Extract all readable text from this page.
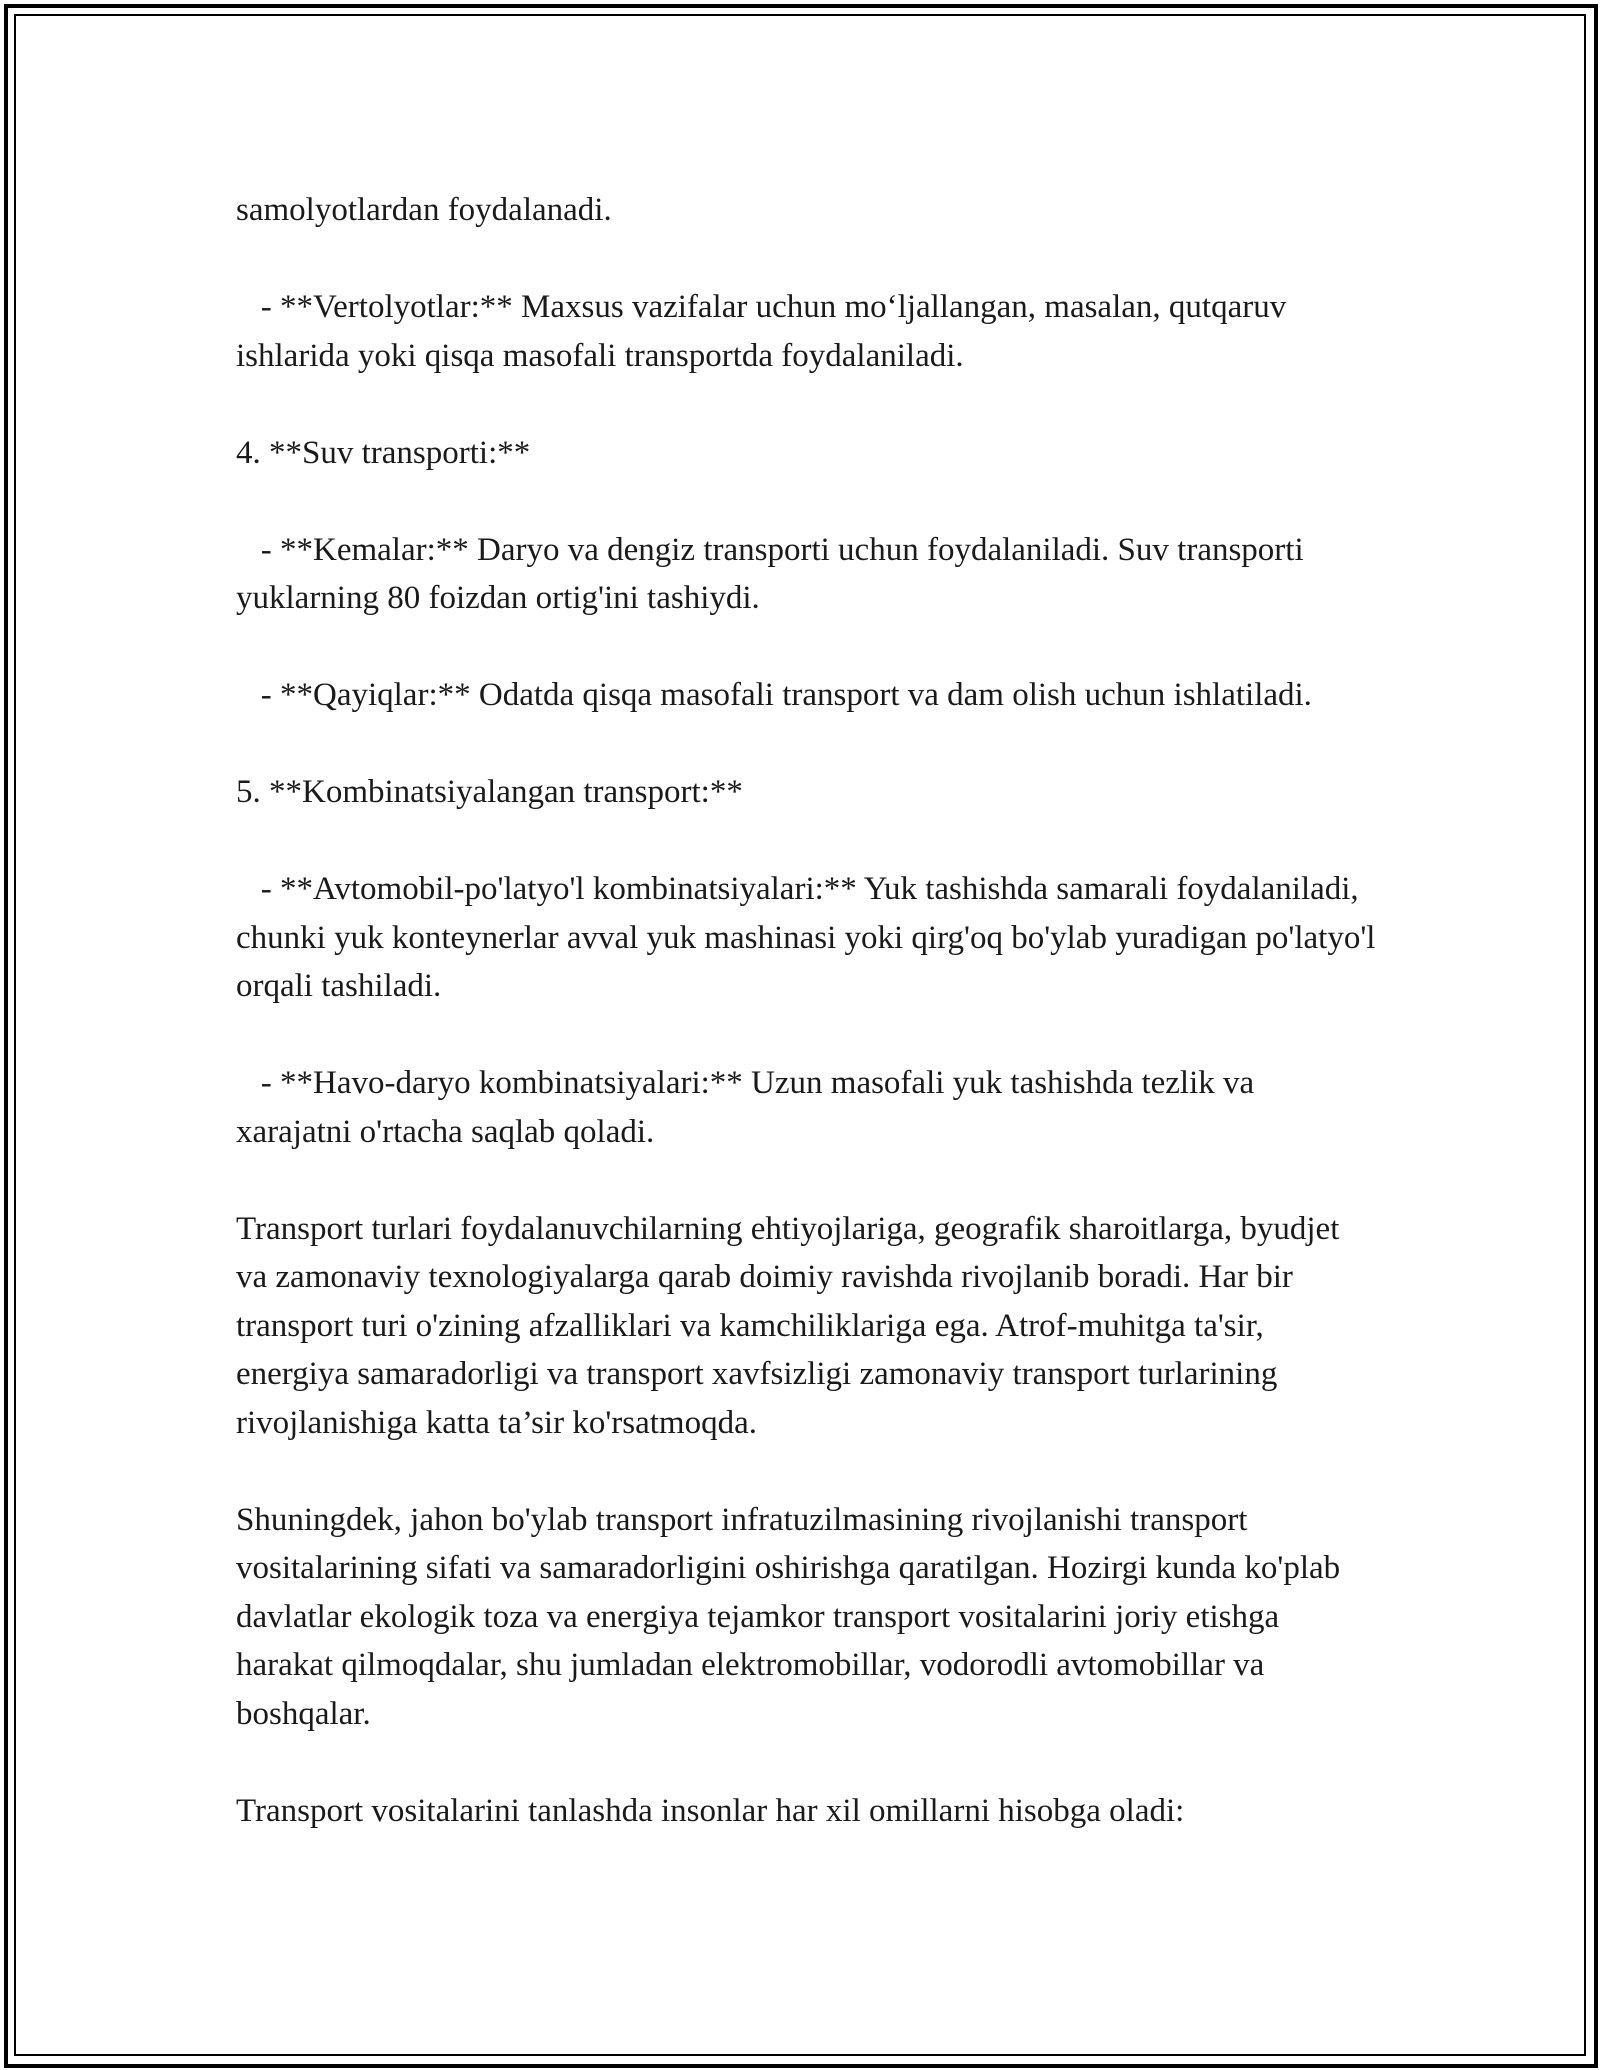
samolyotlardan foydalanadi.

- **Vertolyotlar:** Maxsus vazifalar uchun mo‘ljallangan, masalan, qutqaruv ishlarida yoki qisqa masofali transportda foydalaniladi.

4. **Suv transporti:**

- **Kemalar:** Daryo va dengiz transporti uchun foydalaniladi. Suv transporti yuklarning 80 foizdan ortig'ini tashiydi.

- **Qayiqlar:** Odatda qisqa masofali transport va dam olish uchun ishlatiladi.

5. **Kombinatsiyalangan transport:**

- **Avtomobil-po'latyo'l kombinatsiyalari:** Yuk tashishda samarali foydalaniladi, chunki yuk konteynerlar avval yuk mashinasi yoki qirg'oq bo'ylab yuradigan po'latyo'l orqali tashiladi.

- **Havo-daryo kombinatsiyalari:** Uzun masofali yuk tashishda tezlik va xarajatni o'rtacha saqlab qoladi.

Transport turlari foydalanuvchilarning ehtiyojlariga, geografik sharoitlarga, byudjet va zamonaviy texnologiyalarga qarab doimiy ravishda rivojlanib boradi. Har bir transport turi o'zining afzalliklari va kamchiliklariga ega. Atrof-muhitga ta'sir, energiya samaradorligi va transport xavfsizligi zamonaviy transport turlarining rivojlanishiga katta ta’sir ko'rsatmoqda.

Shuningdek, jahon bo'ylab transport infratuzilmasining rivojlanishi transport vositalarining sifati va samaradorligini oshirishga qaratilgan. Hozirgi kunda ko'plab davlatlar ekologik toza va energiya tejamkor transport vositalarini joriy etishga harakat qilmoqdalar, shu jumladan elektromobillar, vodorodli avtomobillar va boshqalar.

Transport vositalarini tanlashda insonlar har xil omillarni hisobga oladi:
